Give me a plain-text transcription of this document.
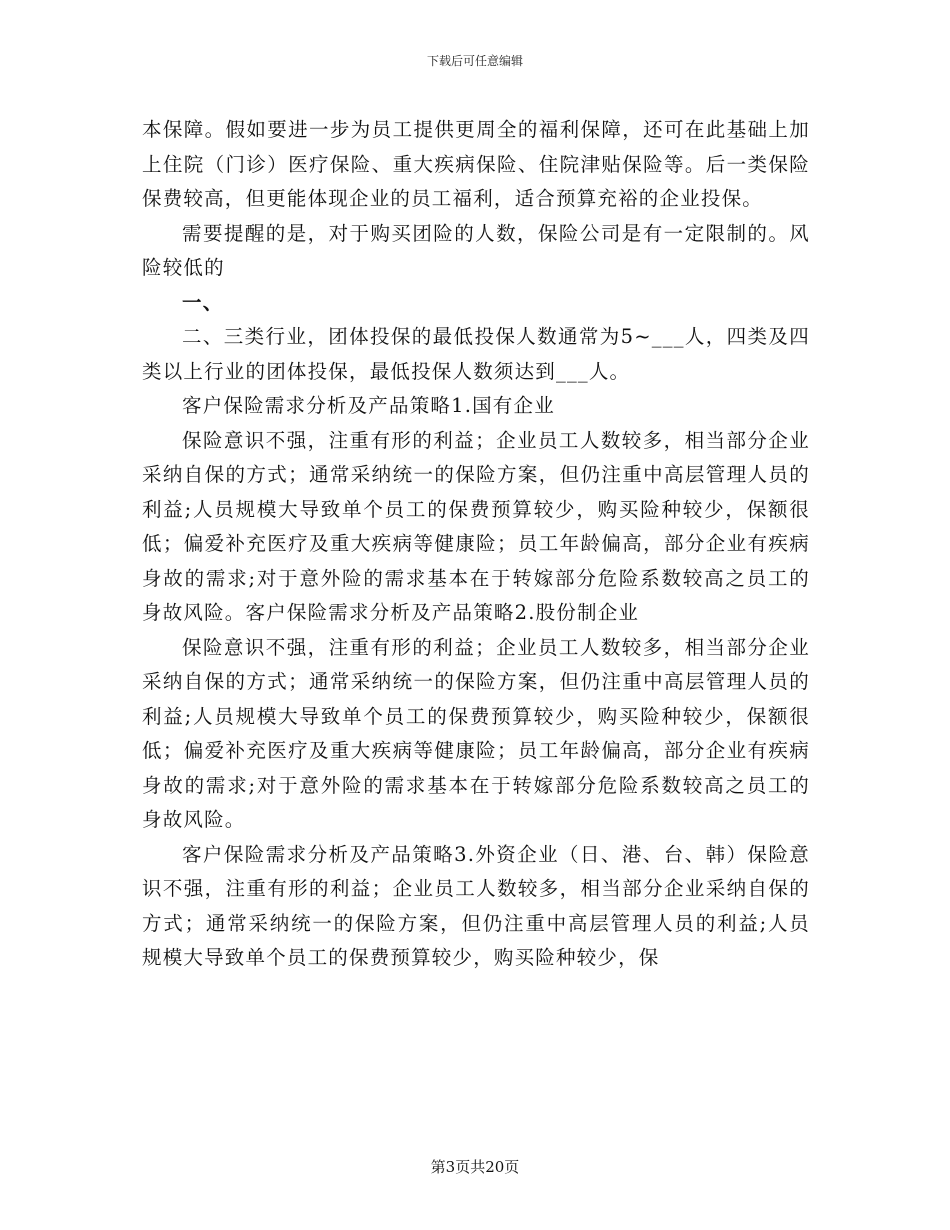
下载后可任意编辑

本保障。假如要进一步为员工提供更周全的福利保障，还可在此基础上加上住院（门诊）医疗保险、重大疾病保险、住院津贴保险等。后一类保险保费较高，但更能体现企业的员工福利，适合预算充裕的企业投保。

需要提醒的是，对于购买团险的人数，保险公司是有一定限制的。风险较低的

一、

二、三类行业，团体投保的最低投保人数通常为5~___人，四类及四类以上行业的团体投保，最低投保人数须达到___人。

客户保险需求分析及产品策略1.国有企业

保险意识不强，注重有形的利益；企业员工人数较多，相当部分企业采纳自保的方式；通常采纳统一的保险方案，但仍注重中高层管理人员的利益;人员规模大导致单个员工的保费预算较少，购买险种较少，保额很低；偏爱补充医疗及重大疾病等健康险；员工年龄偏高，部分企业有疾病身故的需求;对于意外险的需求基本在于转嫁部分危险系数较高之员工的身故风险。客户保险需求分析及产品策略2.股份制企业

保险意识不强，注重有形的利益；企业员工人数较多，相当部分企业采纳自保的方式；通常采纳统一的保险方案，但仍注重中高层管理人员的利益;人员规模大导致单个员工的保费预算较少，购买险种较少，保额很低；偏爱补充医疗及重大疾病等健康险；员工年龄偏高，部分企业有疾病身故的需求;对于意外险的需求基本在于转嫁部分危险系数较高之员工的身故风险。

客户保险需求分析及产品策略3.外资企业（日、港、台、韩）保险意识不强，注重有形的利益；企业员工人数较多，相当部分企业采纳自保的方式；通常采纳统一的保险方案，但仍注重中高层管理人员的利益;人员规模大导致单个员工的保费预算较少，购买险种较少，保

第3页共20页
